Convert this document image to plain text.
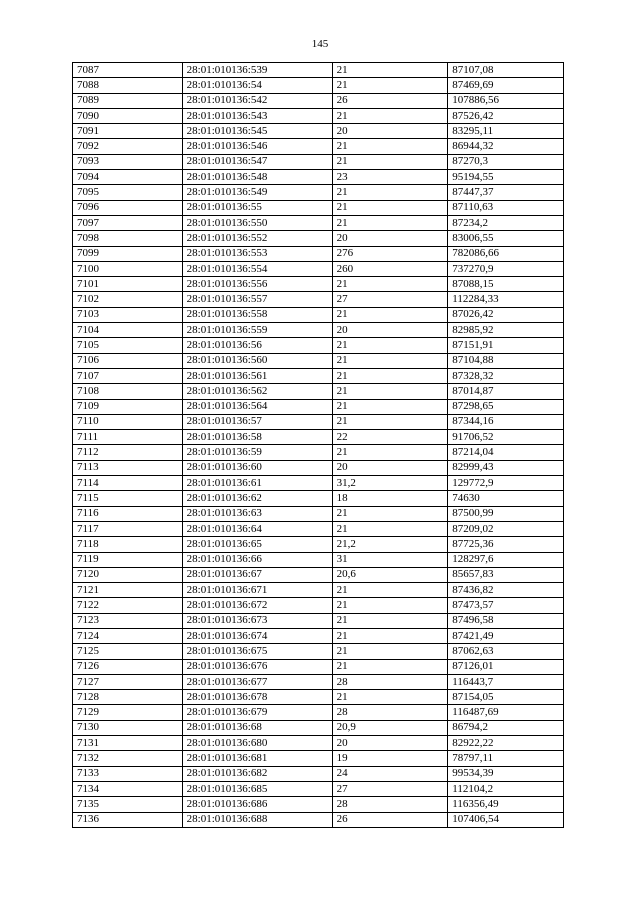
145
7087	28:01:010136:539	21	87107,08
7088	28:01:010136:54	21	87469,69
7089	28:01:010136:542	26	107886,56
7090	28:01:010136:543	21	87526,42
7091	28:01:010136:545	20	83295,11
7092	28:01:010136:546	21	86944,32
7093	28:01:010136:547	21	87270,3
7094	28:01:010136:548	23	95194,55
7095	28:01:010136:549	21	87447,37
7096	28:01:010136:55	21	87110,63
7097	28:01:010136:550	21	87234,2
7098	28:01:010136:552	20	83006,55
7099	28:01:010136:553	276	782086,66
7100	28:01:010136:554	260	737270,9
7101	28:01:010136:556	21	87088,15
7102	28:01:010136:557	27	112284,33
7103	28:01:010136:558	21	87026,42
7104	28:01:010136:559	20	82985,92
7105	28:01:010136:56	21	87151,91
7106	28:01:010136:560	21	87104,88
7107	28:01:010136:561	21	87328,32
7108	28:01:010136:562	21	87014,87
7109	28:01:010136:564	21	87298,65
7110	28:01:010136:57	21	87344,16
7111	28:01:010136:58	22	91706,52
7112	28:01:010136:59	21	87214,04
7113	28:01:010136:60	20	82999,43
7114	28:01:010136:61	31,2	129772,9
7115	28:01:010136:62	18	74630
7116	28:01:010136:63	21	87500,99
7117	28:01:010136:64	21	87209,02
7118	28:01:010136:65	21,2	87725,36
7119	28:01:010136:66	31	128297,6
7120	28:01:010136:67	20,6	85657,83
7121	28:01:010136:671	21	87436,82
7122	28:01:010136:672	21	87473,57
7123	28:01:010136:673	21	87496,58
7124	28:01:010136:674	21	87421,49
7125	28:01:010136:675	21	87062,63
7126	28:01:010136:676	21	87126,01
7127	28:01:010136:677	28	116443,7
7128	28:01:010136:678	21	87154,05
7129	28:01:010136:679	28	116487,69
7130	28:01:010136:68	20,9	86794,2
7131	28:01:010136:680	20	82922,22
7132	28:01:010136:681	19	78797,11
7133	28:01:010136:682	24	99534,39
7134	28:01:010136:685	27	112104,2
7135	28:01:010136:686	28	116356,49
7136	28:01:010136:688	26	107406,54
